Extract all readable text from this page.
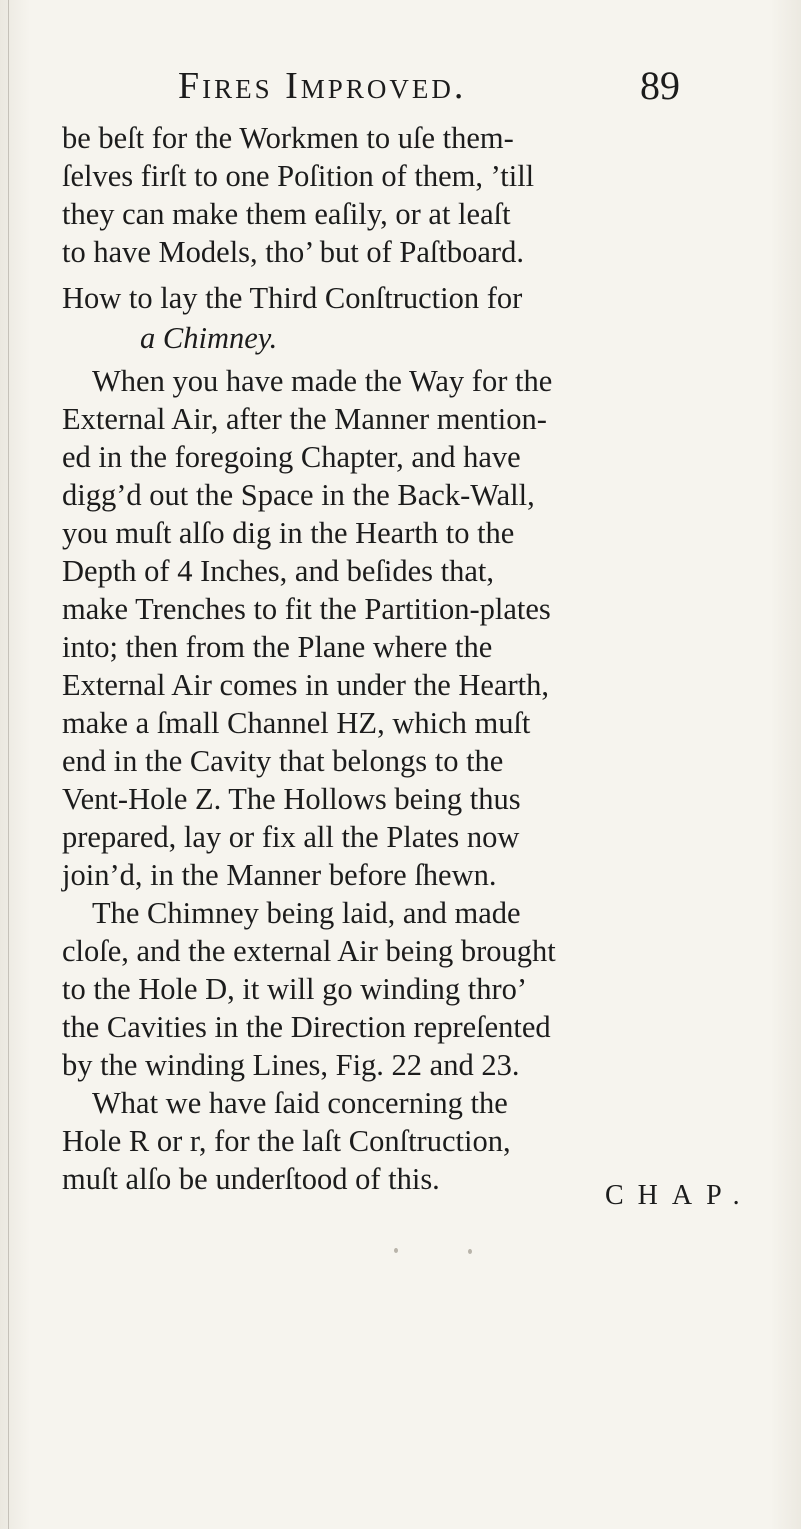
Fires Improved.	89
be beſt for the Workmen to uſe them-
ſelves firſt to one Poſition of them, ’till
they can make them eaſily, or at leaſt
to have Models, tho’ but of Paſtboard.
How to lay the Third Conſtruction for
a Chimney.
When you have made the Way for the
External Air, after the Manner mention-
ed in the foregoing Chapter, and have
digg’d out the Space in the Back-Wall,
you muſt alſo dig in the Hearth to the
Depth of 4 Inches, and beſides that,
make Trenches to fit the Partition-plates
into; then from the Plane where the
External Air comes in under the Hearth,
make a ſmall Channel HZ, which muſt
end in the Cavity that belongs to the
Vent-Hole Z. The Hollows being thus
prepared, lay or fix all the Plates now
join’d, in the Manner before ſhewn.
The Chimney being laid, and made
cloſe, and the external Air being brought
to the Hole D, it will go winding thro’
the Cavities in the Direction repreſented
by the winding Lines, Fig. 22 and 23.
What we have ſaid concerning the
Hole R or r, for the laſt Conſtruction,
muſt alſo be underſtood of this.	CHAP.
